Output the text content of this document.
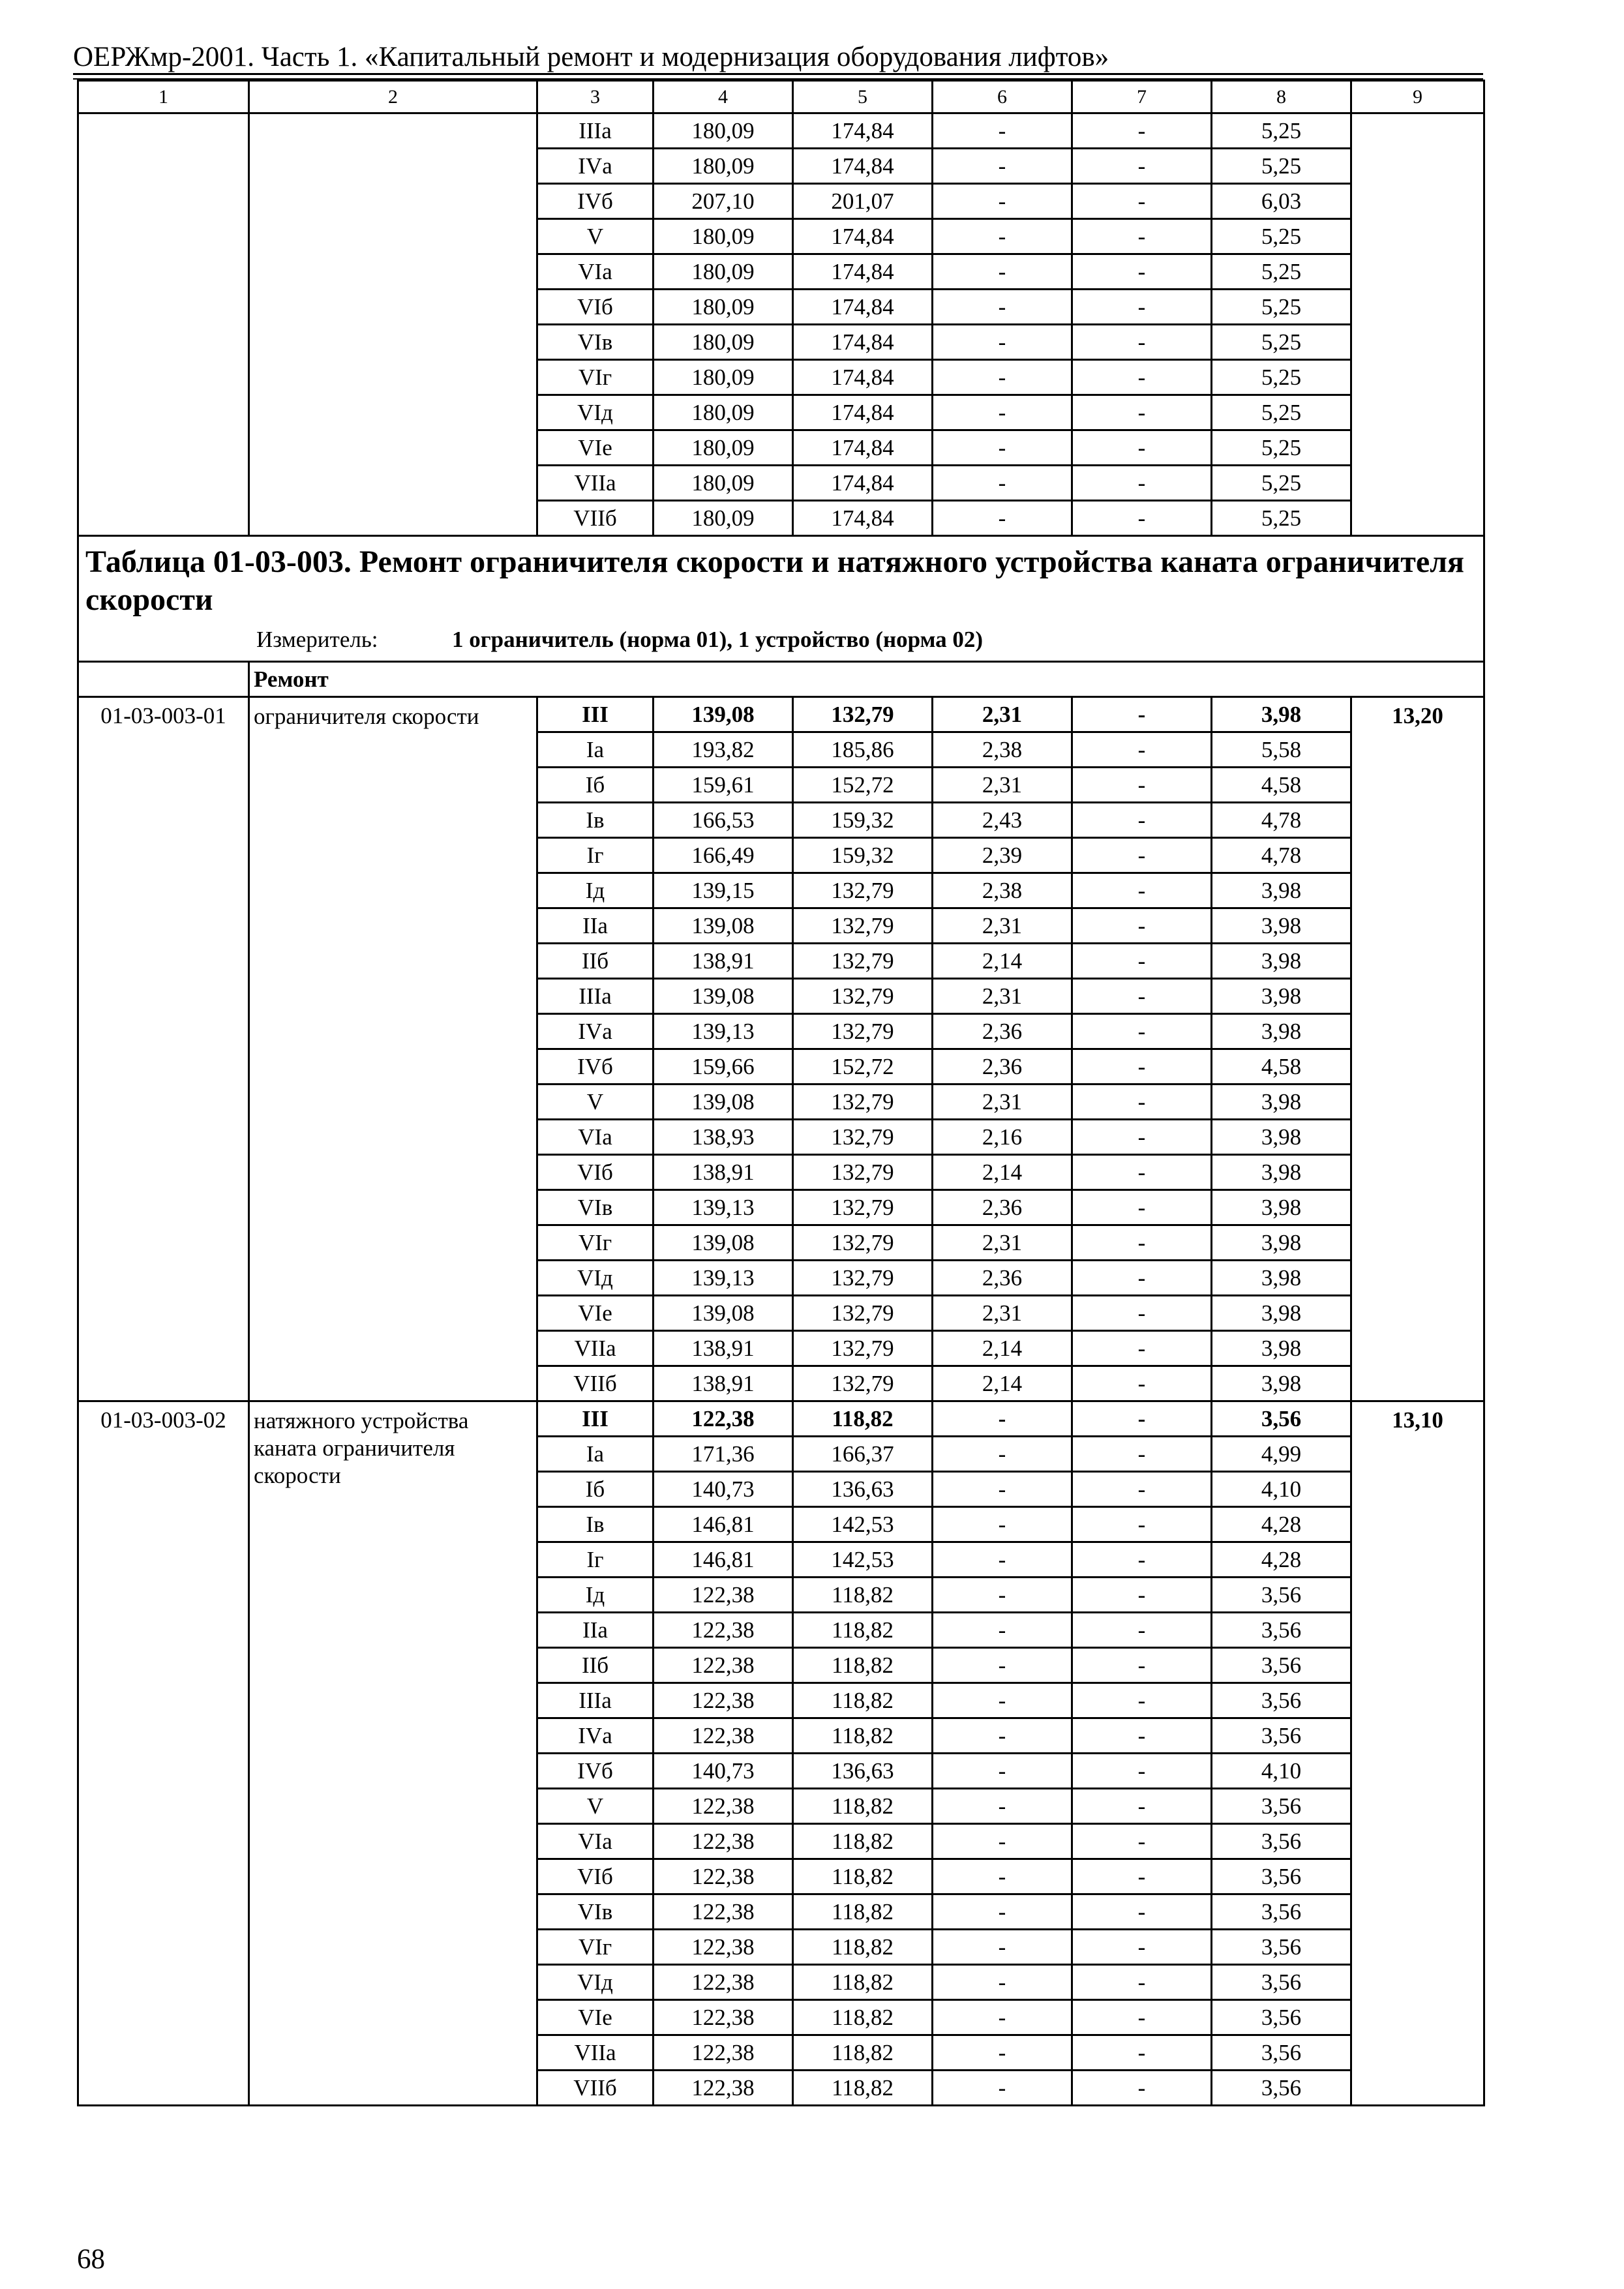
ОЕРЖмр-2001. Часть 1. «Капитальный ремонт и модернизация оборудования лифтов»
1	2	3	4	5	6	7	8	9
		IIIа	180,09	174,84	-	-	5,25	
		IVа	180,09	174,84	-	-	5,25	
		IVб	207,10	201,07	-	-	6,03	
		V	180,09	174,84	-	-	5,25	
		VIа	180,09	174,84	-	-	5,25	
		VIб	180,09	174,84	-	-	5,25	
		VIв	180,09	174,84	-	-	5,25	
		VIг	180,09	174,84	-	-	5,25	
		VIд	180,09	174,84	-	-	5,25	
		VIе	180,09	174,84	-	-	5,25	
		VIIа	180,09	174,84	-	-	5,25	
		VIIб	180,09	174,84	-	-	5,25	

Таблица 01-03-003. Ремонт ограничителя скорости и натяжного устройства каната ограничителя скорости
Измеритель: 1 ограничитель (норма 01), 1 устройство (норма 02)								

	Ремонт							
01-03-003-01	ограничителя скорости	III	139,08	132,79	2,31	-	3,98	13,20
		Iа	193,82	185,86	2,38	-	5,58	
		Iб	159,61	152,72	2,31	-	4,58	
		Iв	166,53	159,32	2,43	-	4,78	
		Iг	166,49	159,32	2,39	-	4,78	
		Iд	139,15	132,79	2,38	-	3,98	
		IIа	139,08	132,79	2,31	-	3,98	
		IIб	138,91	132,79	2,14	-	3,98	
		IIIа	139,08	132,79	2,31	-	3,98	
		IVа	139,13	132,79	2,36	-	3,98	
		IVб	159,66	152,72	2,36	-	4,58	
		V	139,08	132,79	2,31	-	3,98	
		VIа	138,93	132,79	2,16	-	3,98	
		VIб	138,91	132,79	2,14	-	3,98	
		VIв	139,13	132,79	2,36	-	3,98	
		VIг	139,08	132,79	2,31	-	3,98	
		VIд	139,13	132,79	2,36	-	3,98	
		VIе	139,08	132,79	2,31	-	3,98	
		VIIа	138,91	132,79	2,14	-	3,98	
		VIIб	138,91	132,79	2,14	-	3,98	
01-03-003-02	натяжного устройства каната ограничителя скорости	III	122,38	118,82	-	-	3,56	13,10
		Iа	171,36	166,37	-	-	4,99	
		Iб	140,73	136,63	-	-	4,10	
		Iв	146,81	142,53	-	-	4,28	
		Iг	146,81	142,53	-	-	4,28	
		Iд	122,38	118,82	-	-	3,56	
		IIа	122,38	118,82	-	-	3,56	
		IIб	122,38	118,82	-	-	3,56	
		IIIа	122,38	118,82	-	-	3,56	
		IVа	122,38	118,82	-	-	3,56	
		IVб	140,73	136,63	-	-	4,10	
		V	122,38	118,82	-	-	3,56	
		VIа	122,38	118,82	-	-	3,56	
		VIб	122,38	118,82	-	-	3,56	
		VIв	122,38	118,82	-	-	3,56	
		VIг	122,38	118,82	-	-	3,56	
		VIд	122,38	118,82	-	-	3,56	
		VIе	122,38	118,82	-	-	3,56	
		VIIа	122,38	118,82	-	-	3,56	
		VIIб	122,38	118,82	-	-	3,56	
68
